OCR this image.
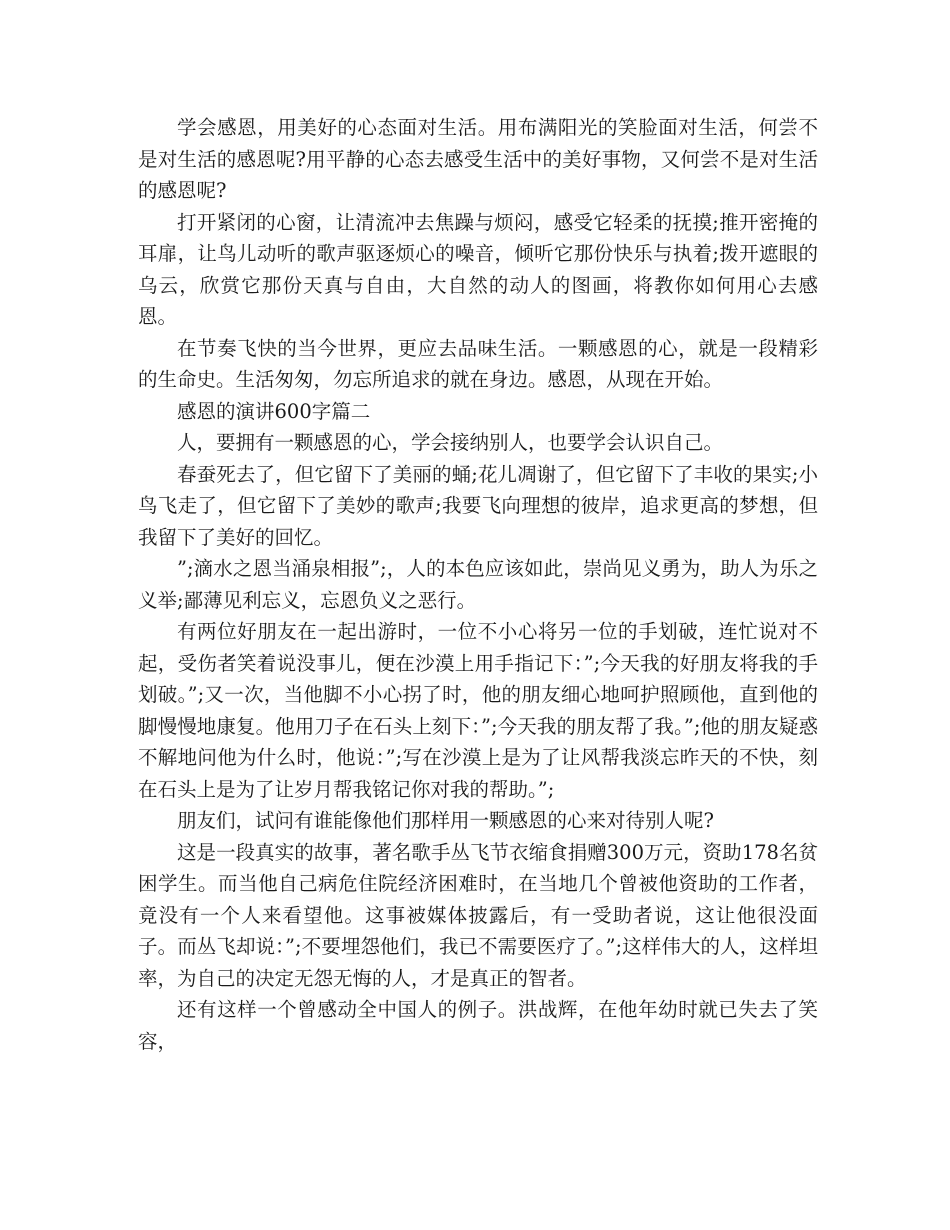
学会感恩，用美好的心态面对生活。用布满阳光的笑脸面对生活，何尝不是对生活的感恩呢?用平静的心态去感受生活中的美好事物，又何尝不是对生活的感恩呢?

打开紧闭的心窗，让清流冲去焦躁与烦闷，感受它轻柔的抚摸;推开密掩的耳扉，让鸟儿动听的歌声驱逐烦心的噪音，倾听它那份快乐与执着;拨开遮眼的乌云，欣赏它那份天真与自由，大自然的动人的图画，将教你如何用心去感恩。

在节奏飞快的当今世界，更应去品味生活。一颗感恩的心，就是一段精彩的生命史。生活匆匆，勿忘所追求的就在身边。感恩，从现在开始。

感恩的演讲600字篇二

人，要拥有一颗感恩的心，学会接纳别人，也要学会认识自己。

春蚕死去了，但它留下了美丽的蛹;花儿凋谢了，但它留下了丰收的果实;小鸟飞走了，但它留下了美妙的歌声;我要飞向理想的彼岸，追求更高的梦想，但我留下了美好的回忆。

”;滴水之恩当涌泉相报”;，人的本色应该如此，崇尚见义勇为，助人为乐之义举;鄙薄见利忘义，忘恩负义之恶行。

有两位好朋友在一起出游时，一位不小心将另一位的手划破，连忙说对不起，受伤者笑着说没事儿，便在沙漠上用手指记下：”;今天我的好朋友将我的手划破。”;又一次，当他脚不小心拐了时，他的朋友细心地呵护照顾他，直到他的脚慢慢地康复。他用刀子在石头上刻下：”;今天我的朋友帮了我。”;他的朋友疑惑不解地问他为什么时，他说：”;写在沙漠上是为了让风帮我淡忘昨天的不快，刻在石头上是为了让岁月帮我铭记你对我的帮助。”;

朋友们，试问有谁能像他们那样用一颗感恩的心来对待别人呢?

这是一段真实的故事，著名歌手丛飞节衣缩食捐赠300万元，资助178名贫困学生。而当他自己病危住院经济困难时，在当地几个曾被他资助的工作者，竟没有一个人来看望他。这事被媒体披露后，有一受助者说，这让他很没面子。而丛飞却说：”;不要埋怨他们，我已不需要医疗了。”;这样伟大的人，这样坦率，为自己的决定无怨无悔的人，才是真正的智者。

还有这样一个曾感动全中国人的例子。洪战辉，在他年幼时就已失去了笑容，
